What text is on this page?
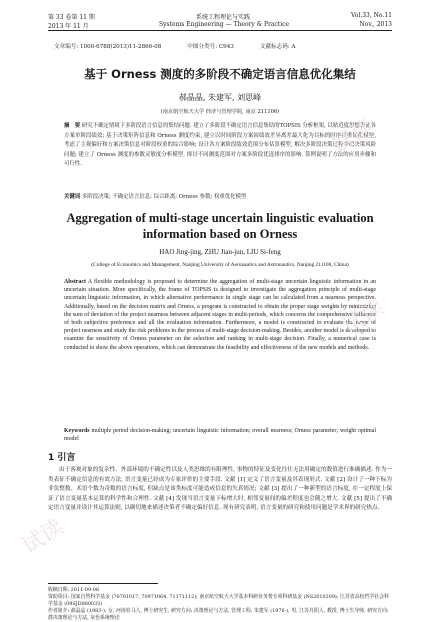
第 33 卷第 11 期	系统工程理论与实践	Vol.33, No.11
2013 年 11 月	Systems Engineering — Theory & Practice	Nov., 2013
文章编号: 1000-6788(2013)11-2866-08	中图分类号: C943	文献标志码: A
基于 Orness 测度的多阶段不确定语言信息优化集结
郝晶晶, 朱建军, 刘思峰
(南京航空航天大学 经济与管理学院, 南京 211106)
摘　要 研究不确定情境下多阶段语言信息的集结问题. 建立了多阶段不确定语言信息集结的TOPSIS 分析框架, 以贴近度思想表征各方案单阶段绩效; 基于决策矩阵信息和 Orness 测度约束, 建立以时间阶段方案间绩效差异离差最大化为目标的时序权重优化模型, 考虑了主观偏好和方案决策信息对阶段权重的综合影响; 设计各方案阶段绩效范围分布估算模型, 解决多阶段决策过程中的决策风险问题; 建立了 Orness 测度的参数灵敏度分析模型, 探讨不同测度范围对方案多阶段优选排序的影响. 算例说明了方法的应用步骤和可行性.
关键词 多阶段决策; 不确定语言信息; 综合距离; Orness 参数; 权重优化模型
Aggregation of multi-stage uncertain linguistic evaluation
information based on Orness
HAO Jing-jing, ZHU Jian-jun, LIU Si-feng
(College of Economics and Management, Nanjing University of Aeronautics and Astronautics, Nanjing 211106, China)
Abstract A flexible methodology is proposed to determine the aggregation of multi-stage uncertain linguistic information in an uncertain situation. More specifically, the frame of TOPSIS is designed to investigate the aggregation principle of multi-stage uncertain linguistic information, in which alternative performance in single stage can be calculated from a nearness perspective. Additionally, based on the decision matrix and Orness, a program is constructed to obtain the proper stage weights by minimizing the sum of deviation of the project nearness between adjacent stages in multi-periods, which concerns the comprehensive influence of both subjective preference and all the evaluation information. Furthermore, a model is constructed to evaluate the range of project nearness and study the risk problems in the process of multi-stage decision-making. Besides, another model is developed to examine the sensitivity of Orness parameter on the selection and ranking in multi-stage decision. Finally, a numerical case is conducted to show the above operations, which can demonstrate the feasibility and effectiveness of the new models and methods.
Keywords multiple period decision-making; uncertain linguistic information; overall nearness; Orness parameter; weight optimal model
1 引言
由于客观对象的复杂性、外部环境的不确定性以及人类思维的有限理性, 事物的特征及变化往往无法用确定的数值进行准确描述. 作为一类表征不确定信息的有效方法, 语言变量已经成为专家评价的主要手段. 文献 [1] 定义了语言变量及其表现形式. 文献 [2] 设计了一种下标为非负整数、术语个数为奇数的语言标度, 但缺点是该类标度可能造成信息的失真情况; 文献 [3] 提出了一种新型的语言标度, 在一定程度上保证了语言变量基本运算的科学性和合理性. 文献 [4] 发现当语言变量下标增大时, 相邻变量间的偏差程度也会随之增大. 文献 [5] 提出了不确定语言变量并设计其运算法则, 以确切地来描述决策者不确定偏好信息. 现有研究表明, 语言变量的研究和使用问题是学术界的研究热点.
收稿日期: 2011-09-08
资助项目: 国家自然科学基金 (70701017, 70971064, 71171112); 南京航空航天大学基本科研业务费专项科研基金 (NS2010209); 江苏省高校哲学社会科学基金 (09SJD880033)
作者简介: 郝晶晶 (1983-), 女, 河南驻马人, 博士研究生, 研究方向: 决策理论与方法, 管理工程; 朱建军 (1976-), 男, 江苏丹阳人, 教授, 博士生导师, 研究方向: 群决策理论与方法, 灰色系统理论
试读
试读
试读
